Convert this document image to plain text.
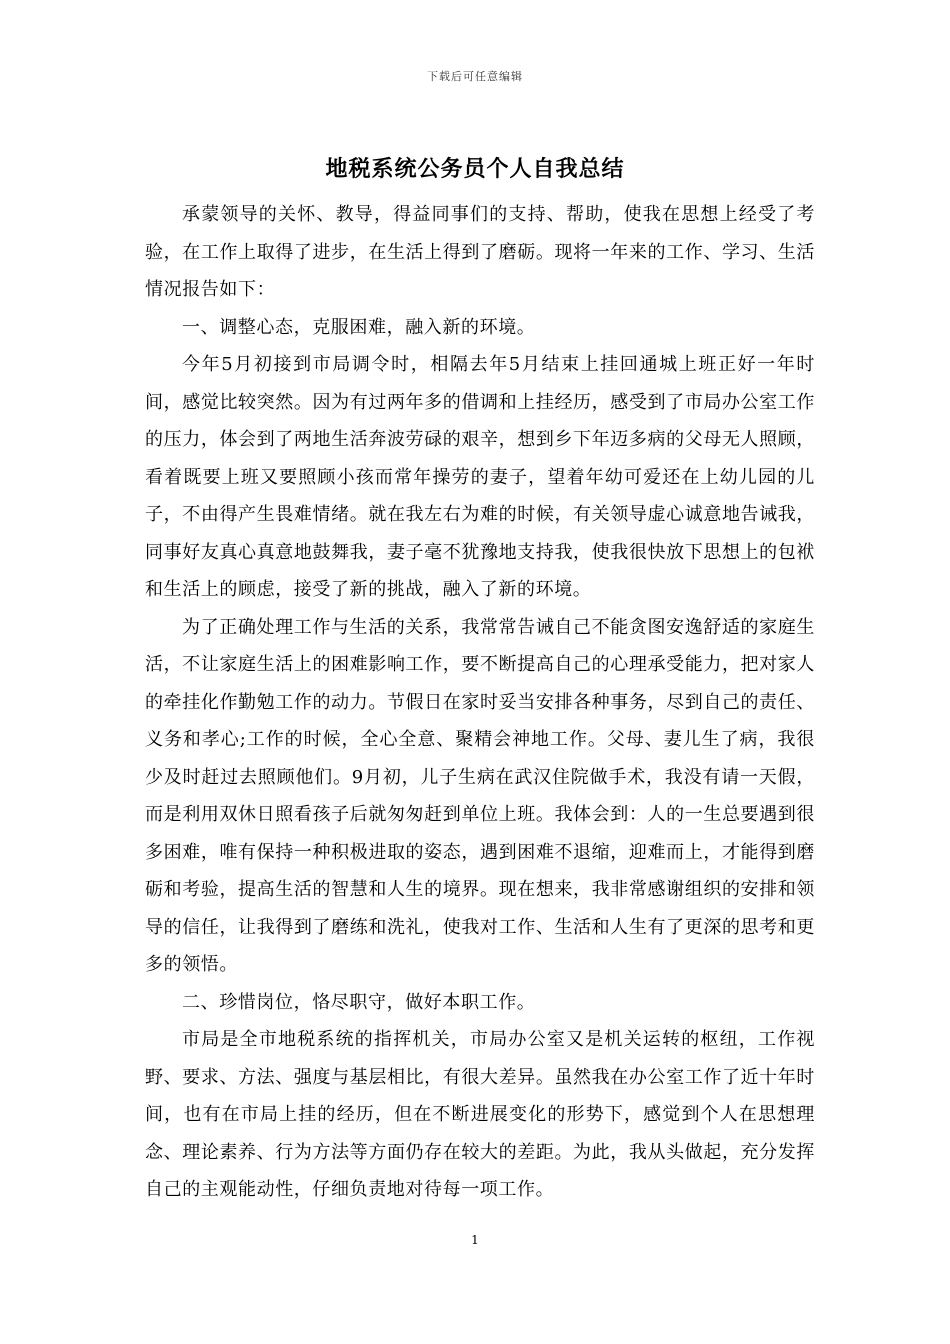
下载后可任意编辑
地税系统公务员个人自我总结

承蒙领导的关怀、教导，得益同事们的支持、帮助，使我在思想上经受了考验，在工作上取得了进步，在生活上得到了磨砺。现将一年来的工作、学习、生活情况报告如下：

一、调整心态，克服困难，融入新的环境。

今年5月初接到市局调令时，相隔去年5月结束上挂回通城上班正好一年时间，感觉比较突然。因为有过两年多的借调和上挂经历，感受到了市局办公室工作的压力，体会到了两地生活奔波劳碌的艰辛，想到乡下年迈多病的父母无人照顾，看着既要上班又要照顾小孩而常年操劳的妻子，望着年幼可爱还在上幼儿园的儿子，不由得产生畏难情绪。就在我左右为难的时候，有关领导虚心诚意地告诫我，同事好友真心真意地鼓舞我，妻子毫不犹豫地支持我，使我很快放下思想上的包袱和生活上的顾虑，接受了新的挑战，融入了新的环境。

为了正确处理工作与生活的关系，我常常告诫自己不能贪图安逸舒适的家庭生活，不让家庭生活上的困难影响工作，要不断提高自己的心理承受能力，把对家人的牵挂化作勤勉工作的动力。节假日在家时妥当安排各种事务，尽到自己的责任、义务和孝心;工作的时候，全心全意、聚精会神地工作。父母、妻儿生了病，我很少及时赶过去照顾他们。9月初，儿子生病在武汉住院做手术，我没有请一天假，而是利用双休日照看孩子后就匆匆赶到单位上班。我体会到：人的一生总要遇到很多困难，唯有保持一种积极进取的姿态，遇到困难不退缩，迎难而上，才能得到磨砺和考验，提高生活的智慧和人生的境界。现在想来，我非常感谢组织的安排和领导的信任，让我得到了磨练和洗礼，使我对工作、生活和人生有了更深的思考和更多的领悟。

二、珍惜岗位，恪尽职守，做好本职工作。

市局是全市地税系统的指挥机关，市局办公室又是机关运转的枢纽，工作视野、要求、方法、强度与基层相比，有很大差异。虽然我在办公室工作了近十年时间，也有在市局上挂的经历，但在不断进展变化的形势下，感觉到个人在思想理念、理论素养、行为方法等方面仍存在较大的差距。为此，我从头做起，充分发挥自己的主观能动性，仔细负责地对待每一项工作。

1
